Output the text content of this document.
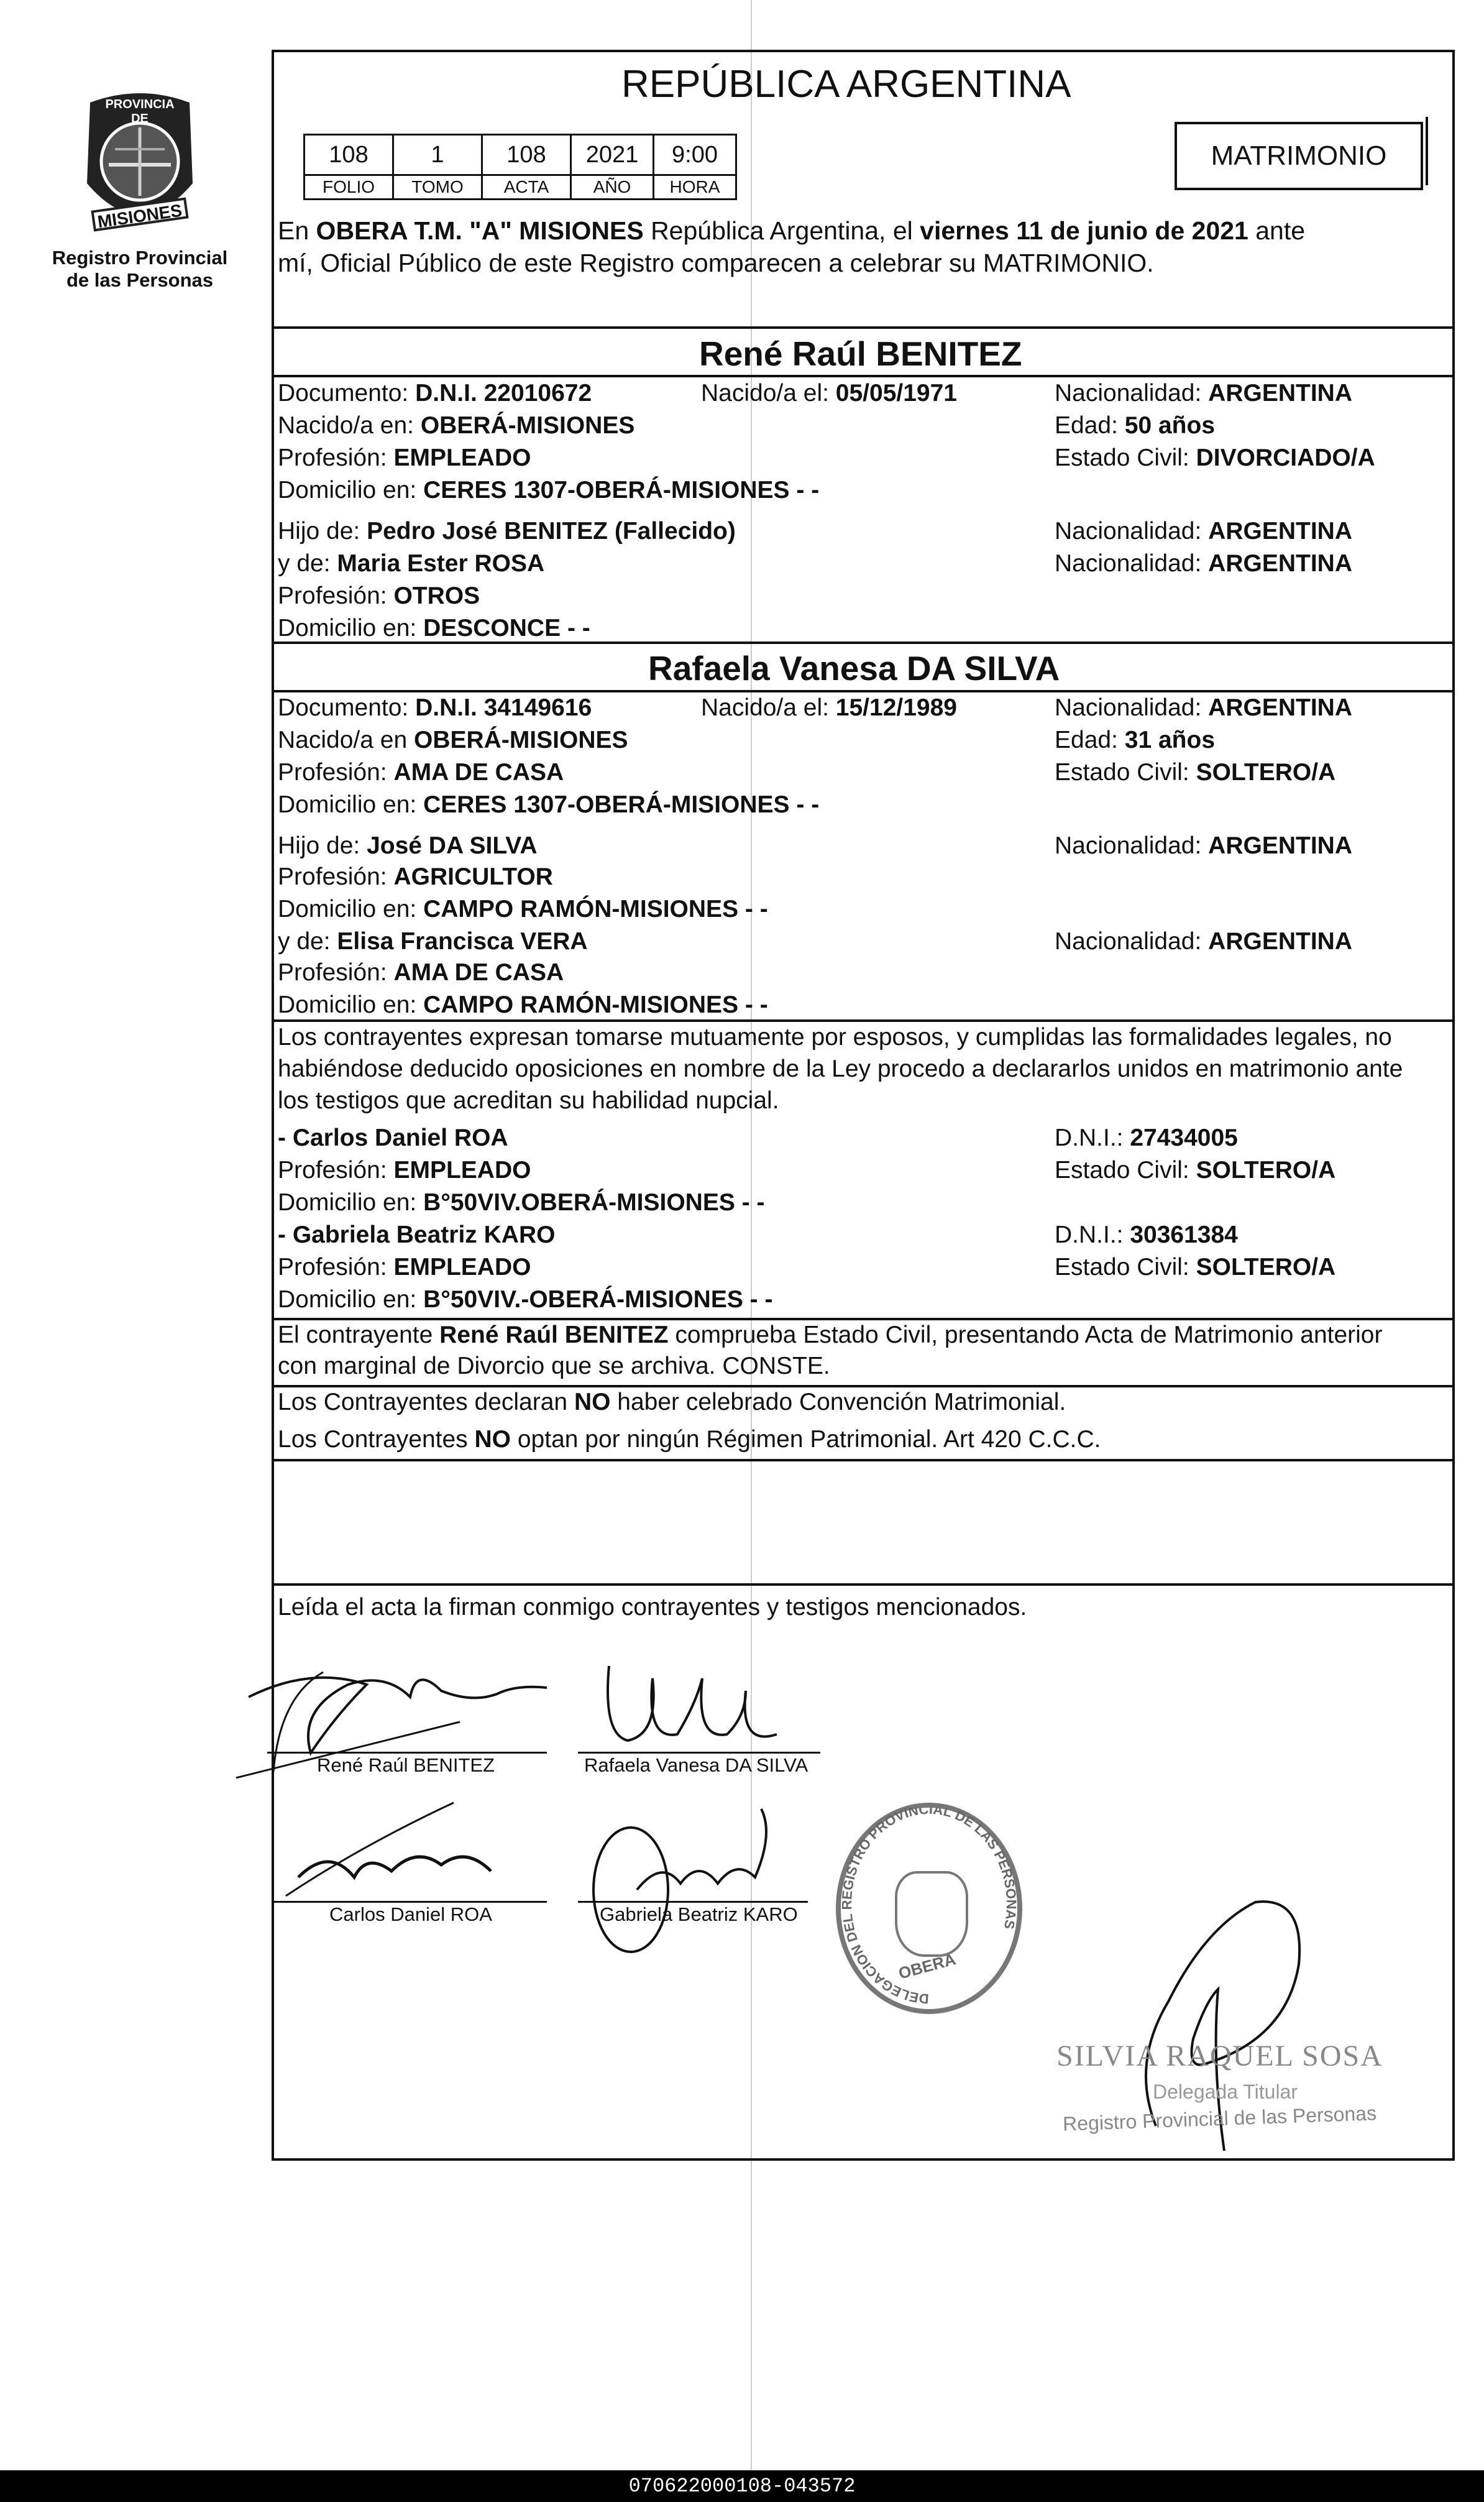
PROVINCIA DE
MISIONES
Registro Provincial
de las Personas
REPÚBLICA ARGENTINA
108	1	108	2021	9:00
FOLIO	TOMO	ACTA	AÑO	HORA
MATRIMONIO
En OBERA T.M. "A" MISIONES República Argentina, el viernes 11 de junio de 2021 ante
mí, Oficial Público de este Registro comparecen a celebrar su MATRIMONIO.
René Raúl BENITEZ
Documento: D.N.I. 22010672	Nacido/a el: 05/05/1971	Nacionalidad: ARGENTINA
Nacido/a en: OBERÁ-MISIONES	Edad: 50 años
Profesión: EMPLEADO	Estado Civil: DIVORCIADO/A
Domicilio en: CERES 1307-OBERÁ-MISIONES - -
Hijo de: Pedro José BENITEZ (Fallecido)	Nacionalidad: ARGENTINA
y de: Maria Ester ROSA	Nacionalidad: ARGENTINA
Profesión: OTROS
Domicilio en: DESCONCE - -
Rafaela Vanesa DA SILVA
Documento: D.N.I. 34149616	Nacido/a el: 15/12/1989	Nacionalidad: ARGENTINA
Nacido/a en OBERÁ-MISIONES	Edad: 31 años
Profesión: AMA DE CASA	Estado Civil: SOLTERO/A
Domicilio en: CERES 1307-OBERÁ-MISIONES - -
Hijo de: José DA SILVA	Nacionalidad: ARGENTINA
Profesión: AGRICULTOR
Domicilio en: CAMPO RAMÓN-MISIONES - -
y de: Elisa Francisca VERA	Nacionalidad: ARGENTINA
Profesión: AMA DE CASA
Domicilio en: CAMPO RAMÓN-MISIONES - -
Los contrayentes expresan tomarse mutuamente por esposos, y cumplidas las formalidades legales, no
habiéndose deducido oposiciones en nombre de la Ley procedo a declararlos unidos en matrimonio ante
los testigos que acreditan su habilidad nupcial.
- Carlos Daniel ROA	D.N.I.: 27434005
Profesión: EMPLEADO	Estado Civil: SOLTERO/A
Domicilio en: B°50VIV.OBERÁ-MISIONES - -
- Gabriela Beatriz KARO	D.N.I.: 30361384
Profesión: EMPLEADO	Estado Civil: SOLTERO/A
Domicilio en: B°50VIV.-OBERÁ-MISIONES - -
El contrayente René Raúl BENITEZ comprueba Estado Civil, presentando Acta de Matrimonio anterior
con marginal de Divorcio que se archiva. CONSTE.
Los Contrayentes declaran NO haber celebrado Convención Matrimonial.
Los Contrayentes NO optan por ningún Régimen Patrimonial. Art 420 C.C.C.
Leída el acta la firman conmigo contrayentes y testigos mencionados.
René Raúl BENITEZ	Rafaela Vanesa DA SILVA
Carlos Daniel ROA	Gabriela Beatriz KARO
DELEGACION DEL GISTRO PROVINCIAL DE LAS PERS S
OBERA
SILVIA RAQUEL SOSA
Delegada Titular
Registro Provincial de las Personas
070622000108-043572
